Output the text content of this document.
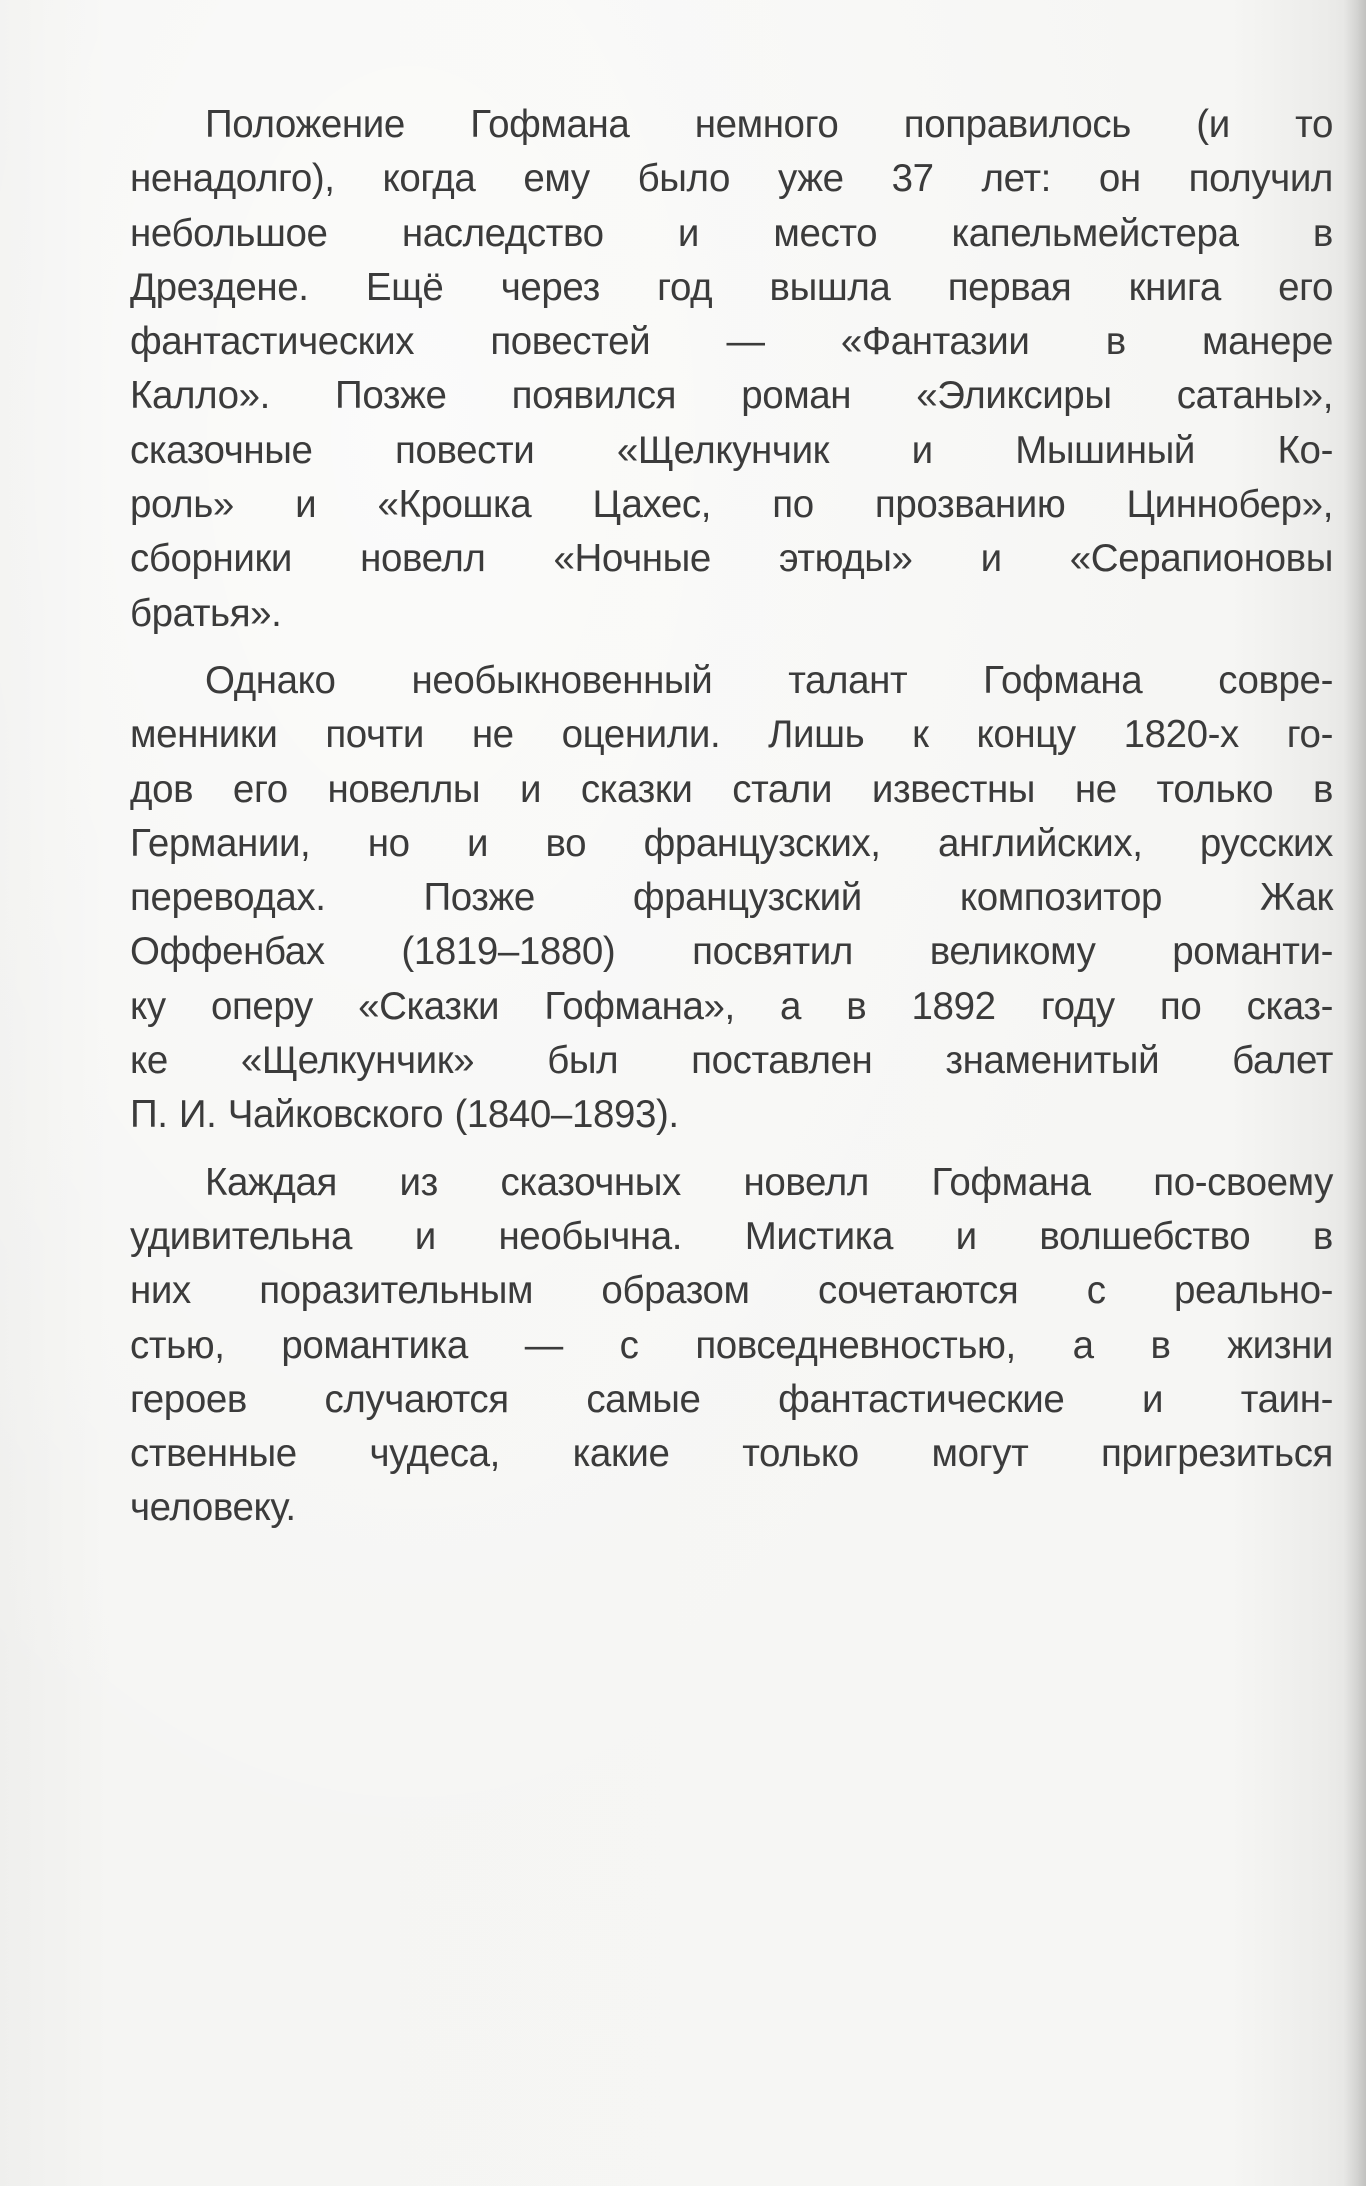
Положение Гофмана немного поправилось (и то
ненадолго), когда ему было уже 37 лет: он получил
небольшое наследство и место капельмейстера в
Дрездене. Ещё через год вышла первая книга его
фантастических повестей — «Фантазии в манере
Калло». Позже появился роман «Эликсиры сатаны»,
сказочные повести «Щелкунчик и Мышиный Ко-
роль» и «Крошка Цахес, по прозванию Циннобер»,
сборники новелл «Ночные этюды» и «Серапионовы
братья».

Однако необыкновенный талант Гофмана совре-
менники почти не оценили. Лишь к концу 1820-х го-
дов его новеллы и сказки стали известны не только в
Германии, но и во французских, английских, русских
переводах. Позже французский композитор Жак
Оффенбах (1819–1880) посвятил великому романти-
ку оперу «Сказки Гофмана», а в 1892 году по сказ-
ке «Щелкунчик» был поставлен знаменитый балет
П. И. Чайковского (1840–1893).

Каждая из сказочных новелл Гофмана по-своему
удивительна и необычна. Мистика и волшебство в
них поразительным образом сочетаются с реально-
стью, романтика — с повседневностью, а в жизни
героев случаются самые фантастические и таин-
ственные чудеса, какие только могут пригрезиться
человеку.
